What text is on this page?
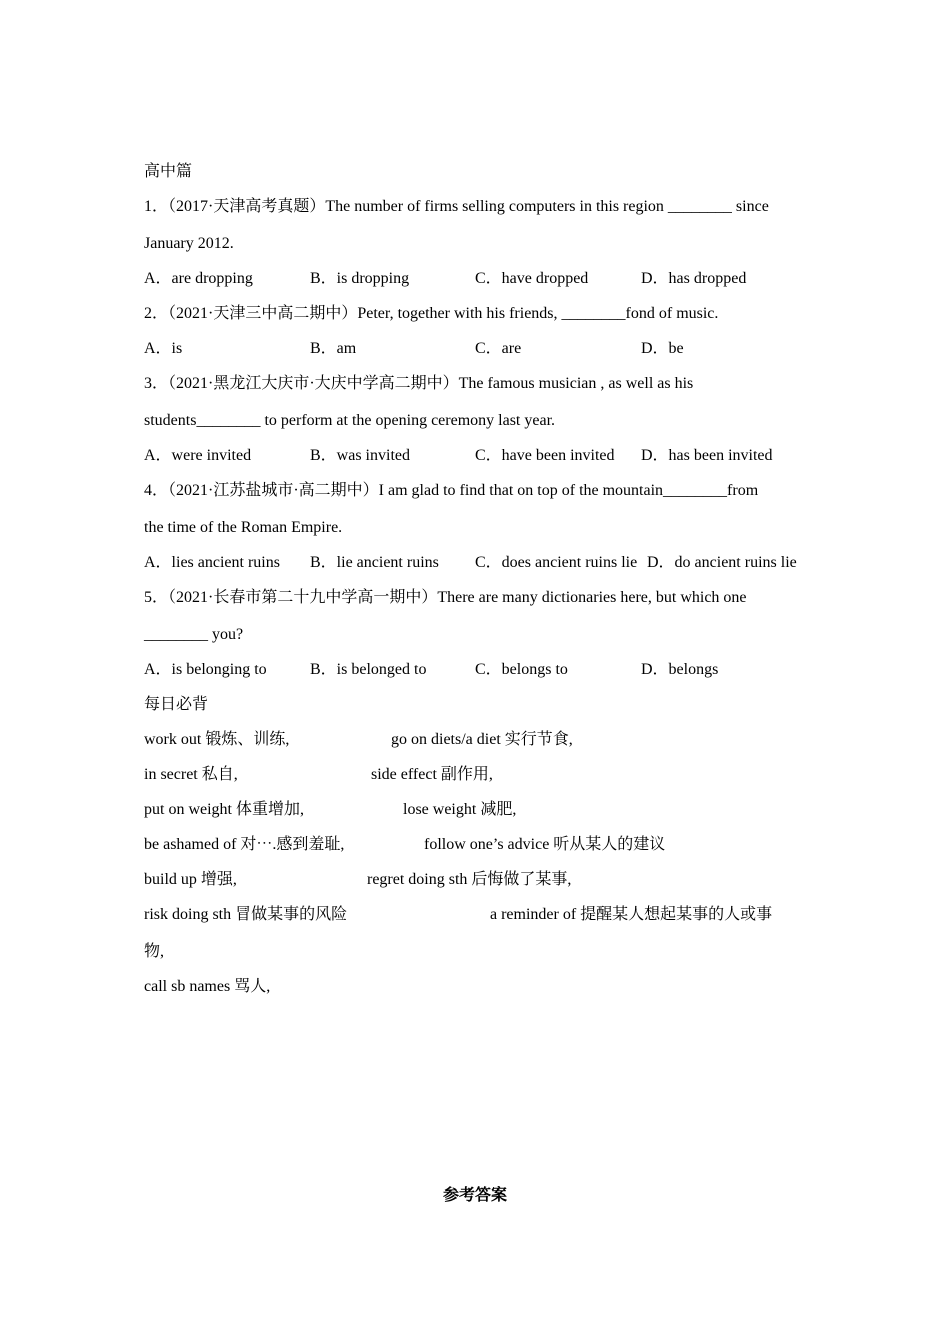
高中篇
1．（2017·天津高考真题）The number of firms selling computers in this region ________ since
January 2012.
A．are dropping	B．is dropping	C．have dropped	D．has dropped
2．（2021·天津三中高二期中）Peter, together with his friends, ________fond of music.
A．is	B．am	C．are	D．be
3．（2021·黑龙江大庆市·大庆中学高二期中）The famous musician , as well as his
students________ to perform at the opening ceremony last year.
A．were invited	B．was invited	C．have been invited D．has been invited
4．（2021·江苏盐城市·高二期中）I am glad to find that on top of the mountain________from
the time of the Roman Empire.
A．lies ancient ruins B．lie ancient ruins C．does ancient ruins lie D．do ancient ruins lie
5．（2021·长春市第二十九中学高一期中）There are many dictionaries here, but which one
________ you?
A．is belonging to	B．is belonged to	C．belongs to	D．belongs
每日必背
work out 锻炼、训练,	go on diets/a diet 实行节食,
in secret 私自,	side effect 副作用,
put on weight 体重增加,	lose weight 减肥,
be ashamed of 对⋯.感到羞耻,	follow one’s advice 听从某人的建议
build up 增强,	regret doing sth 后悔做了某事,
risk doing sth 冒做某事的风险	a reminder of 提醒某人想起某事的人或事
物,
call sb names 骂人,
参考答案
